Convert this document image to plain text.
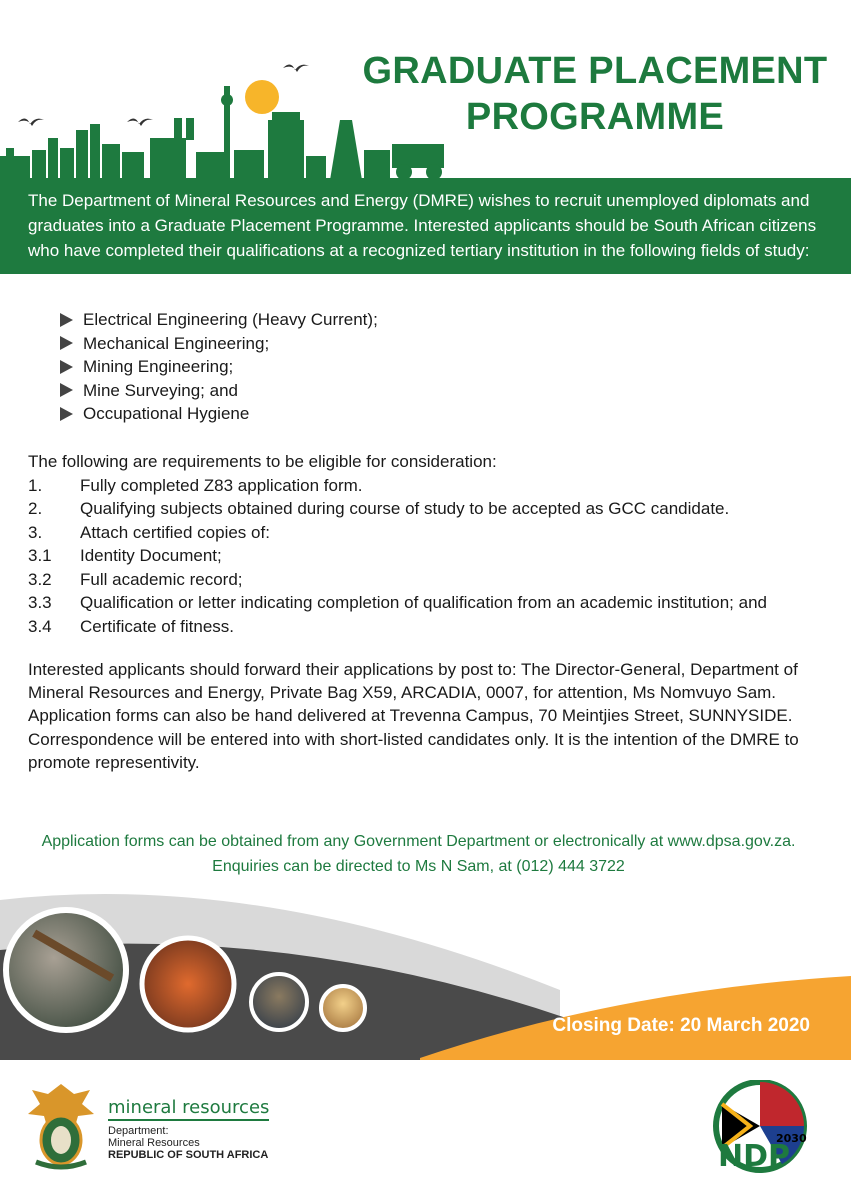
GRADUATE PLACEMENT
PROGRAMME
The Department of Mineral Resources and Energy (DMRE) wishes to recruit unemployed diplomats and graduates into a Graduate Placement Programme. Interested applicants should be South African citizens who have completed their qualifications at a recognized tertiary institution in the following fields of study:
Electrical Engineering (Heavy Current);
Mechanical Engineering;
Mining Engineering;
Mine Surveying; and
Occupational Hygiene
The following are requirements to be eligible for consideration:
1.	Fully completed Z83 application form.
2.	Qualifying subjects obtained during course of study to be accepted as GCC candidate.
3.	Attach certified copies of:
3.1	Identity Document;
3.2	Full academic record;
3.3	Qualification or letter indicating completion of qualification from an academic institution; and
3.4	Certificate of fitness.
Interested applicants should forward their applications by post to: The Director-General, Department of Mineral Resources and Energy, Private Bag X59, ARCADIA, 0007, for attention, Ms Nomvuyo Sam. Application forms can also be hand delivered at Trevenna Campus, 70 Meintjies Street, SUNNYSIDE. Correspondence will be entered into with short-listed candidates only. It is the intention of the DMRE to promote representivity.
Application forms can be obtained from any Government Department or electronically at www.dpsa.gov.za.
Enquiries can be directed to Ms N Sam, at (012) 444 3722
Closing Date: 20 March 2020
mineral resources
Department:
Mineral Resources
REPUBLIC OF SOUTH AFRICA
2030
NDP
